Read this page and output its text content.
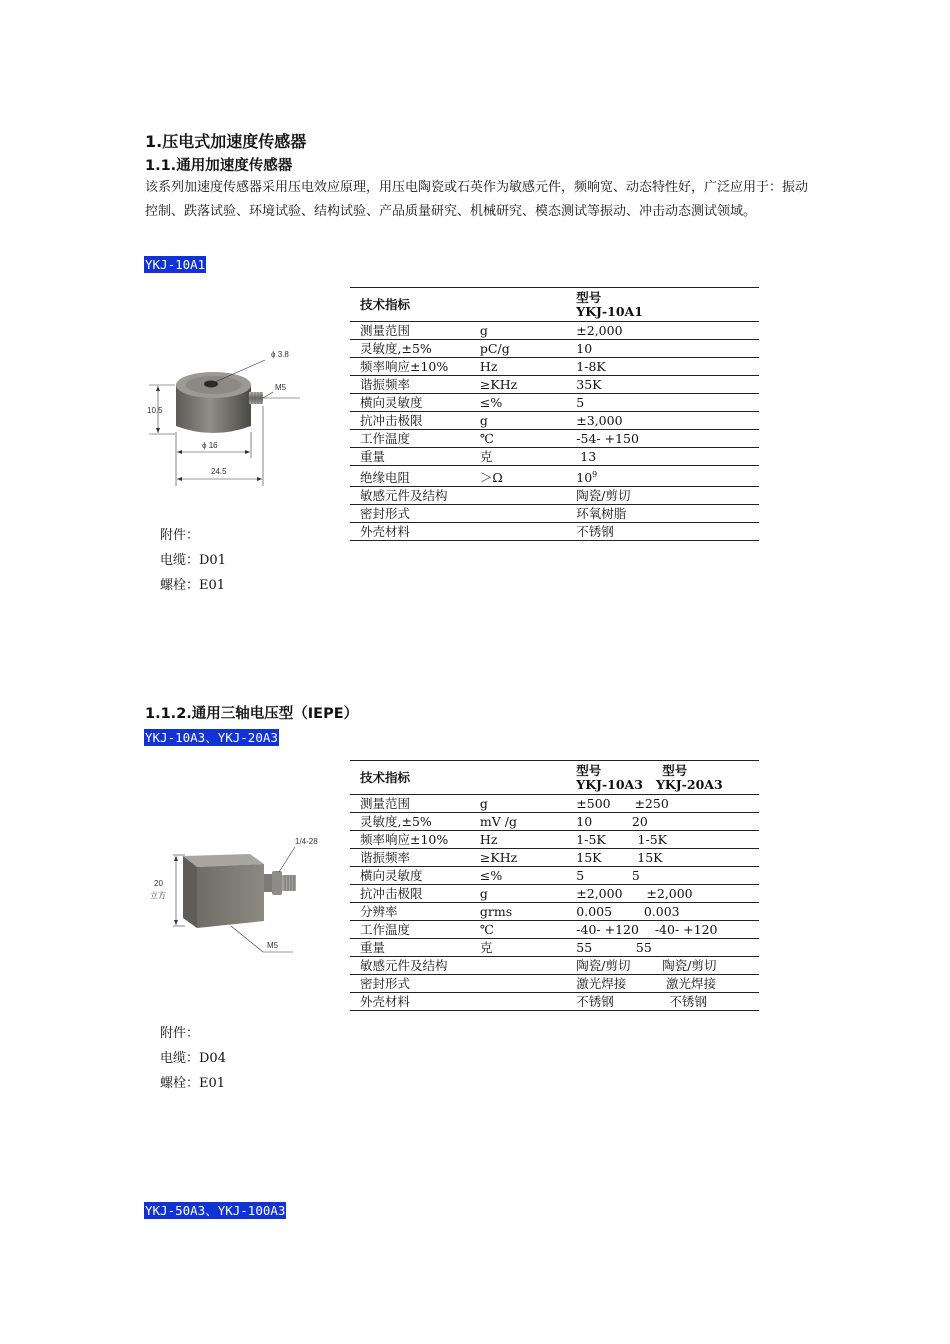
1.压电式加速度传感器
1.1.通用加速度传感器
该系列加速度传感器采用压电效应原理，用压电陶瓷或石英作为敏感元件，频响宽、动态特性好，广泛应用于：振动控制、跌落试验、环境试验、结构试验、产品质量研究、机械研究、模态测试等振动、冲击动态测试领域。
YKJ-10A1
10.5
M5
ϕ 3.8
ϕ 16
24.5
技术指标		型号
YKJ-10A1
测量范围	g	±2,000
灵敏度,±5%	pC/g	10
频率响应±10%	Hz	1-8K
谐振频率	≥KHz	35K
横向灵敏度	≤%	5
抗冲击极限	g	±3,000
工作温度	℃	-54- +150
重量	克	13
绝缘电阻	＞Ω	$10^9$
敏感元件及结构		陶瓷/剪切
密封形式		环氧树脂
外壳材料		不锈钢
附件：
电缆：D01
螺栓：E01
1.1.2.通用三轴电压型（IEPE）
YKJ-10A3、YKJ-20A3
20
立方
1/4-28
M5
技术指标		型号              型号
YKJ-10A3   YKJ-20A3
测量范围	g	±500      ±250
灵敏度,±5%	mV /g	10          20
频率响应±10%	Hz	1-5K        1-5K
谐振频率	≥KHz	15K         15K
横向灵敏度	≤%	5            5
抗冲击极限	g	±2,000      ±2,000
分辨率	grms	0.005        0.003
工作温度	℃	-40- +120    -40- +120
重量	克	55           55
敏感元件及结构		陶瓷/剪切        陶瓷/剪切
密封形式		激光焊接          激光焊接
外壳材料		不锈钢              不锈钢
附件：
电缆：D04
螺栓：E01
YKJ-50A3、YKJ-100A3
